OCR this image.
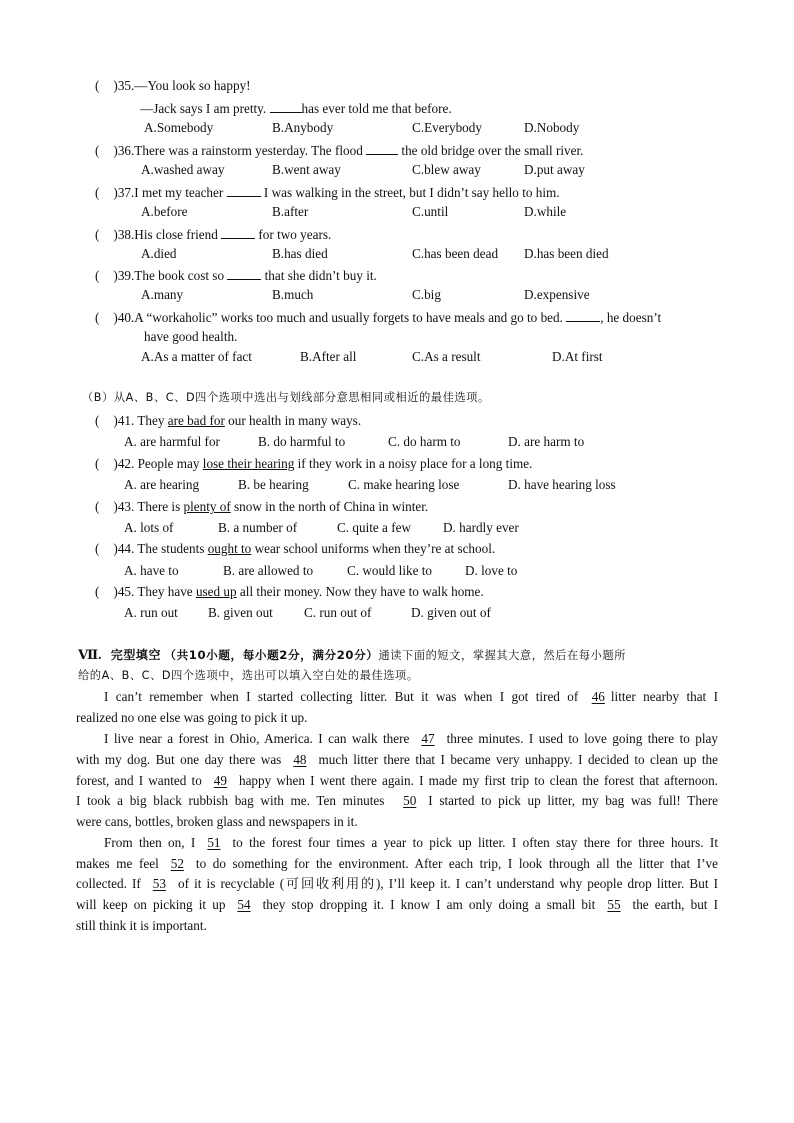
( )35.—You look so happy!
—Jack says I am pretty. has ever told me that before.
A.Somebody	B.Anybody	C.Everybody	D.Nobody
( )36.There was a rainstorm yesterday. The flood  the old bridge over the small river.
A.washed away	B.went away	C.blew away	D.put away
( )37.I met my teacher	I was walking in the street, but I didn’t say hello to him.
A.before	B.after	C.until	D.while
( )38.His close friend	for two years.
A.died	B.has died	C.has been dead D.has been died
( )39.The book cost so	that she didn’t buy it.
A.many	B.much	C.big	D.expensive
( )40.A “workaholic” works too much and usually forgets to have meals and go to bed.	, he doesn’t
have good health.
A.As a matter of fact	B.After all	C.As a result	D.At first
（B）从A、B、C、D四个选项中选出与划线部分意思相同或相近的最佳选项。
( )41. They are bad for our health in many ways.
A. are harmful for	B. do harmful to	C. do harm to	D. are harm to
( )42. People may lose their hearing if they work in a noisy place for a long time.
A. are hearing	B. be hearing	C. make hearing lose	D. have hearing loss
( )43. There is plenty of snow in the north of China in winter.
A. lots of	B. a number of	C. quite a few D. hardly ever
( )44. The students ought to wear school uniforms when they’re at school.
A. have to	B. are allowed to	C. would like to	D. love to
( )45. They have used up all their money. Now they have to walk home.
A. run out B. given out C. run out of	D. given out of
Ⅶ. 完型填空 （共10小题，每小题2分，满分20分）通读下面的短文，掌握其大意，然后在每小题所
给的A、B、C、D四个选项中，选出可以填入空白处的最佳选项。
I can’t remember when I started collecting litter. But it was when I got tired of 46 litter nearby that I
realized no one else was going to pick it up.
I live near a forest in Ohio, America. I can walk there 47 three minutes. I used to love going there to play
with my dog. But one day there was 48 much litter there that I became very unhappy. I decided to clean up the
forest, and I wanted to 49 happy when I went there again. I made my first trip to clean the forest that afternoon.
I took a big black rubbish bag with me. Ten minutes 50 I started to pick up litter, my bag was full! There
were cans, bottles, broken glass and newspapers in it.
From then on, I 51 to the forest four times a year to pick up litter. I often stay there for three hours. It
makes me feel 52 to do something for the environment. After each trip, I look through all the litter that I’ve
collected. If 53 of it is recyclable (可回收利用的), I’ll keep it. I can’t understand why people drop litter. But I
will keep on picking it up 54 they stop dropping it. I know I am only doing a small bit 55 the earth, but I
still think it is important.
